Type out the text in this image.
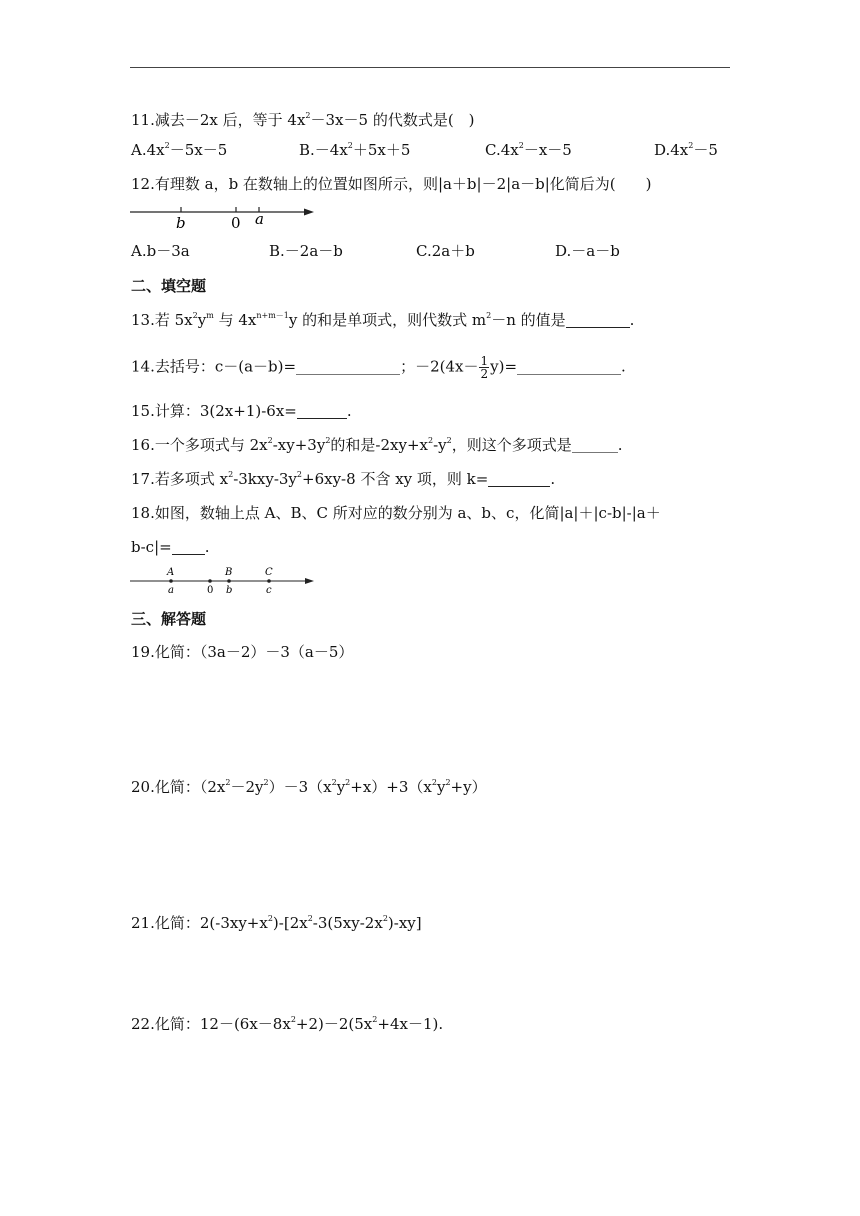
11.减去－2x 后，等于 $4x^2-3x-5$ 的代数式是(　)
$A.4x^2-5x-5$	$B.-4x^2+5x+5$	$C.4x^2-x-5$	$D.4x^2-5$
12.有理数 a，b 在数轴上的位置如图所示，则|a＋b|－2|a－b|化简后为(　　)
b	0 a
A.b－3a	B.－2a－b	C.2a＋b	D.－a－b
二、填空题
13.若 $5x^2y^m$ 与 $4x^{n+m-1}y$ 的和是单项式，则代数式 $m^2-n$ 的值是	.
14.去括号：c－(a－b)=	；$-2(4x- \frac{1}{2} y)=$	.
15.计算：3(2x+1)-6x=	.
16.一个多项式与 $2x^2-xy+3y^2$的和是$-2xy+x^2-y^2$，则这个多项式是	.
17.若多项式 $x^2-3kxy-3y^2+6xy-8$ 不含 xy 项，则 k=	.
18.如图，数轴上点 A、B、C 所对应的数分别为 a、b、c，化简|a|＋|c-b|-|a＋
b-c|= .
A
a	0
B
b
C
c
三、解答题
19.化简：（3a－2）－3（a－5）
20.化简：$(2x^2-2y^2)-3(x^2y^2+x)+3(x^2y^2+y)$
21.化简：$2(-3xy+x^2)-[2x^2-3(5xy-2x^2)-xy]$
22.化简：$12-(6x-8x^2+2)-2(5x^2+4x-1)$.
